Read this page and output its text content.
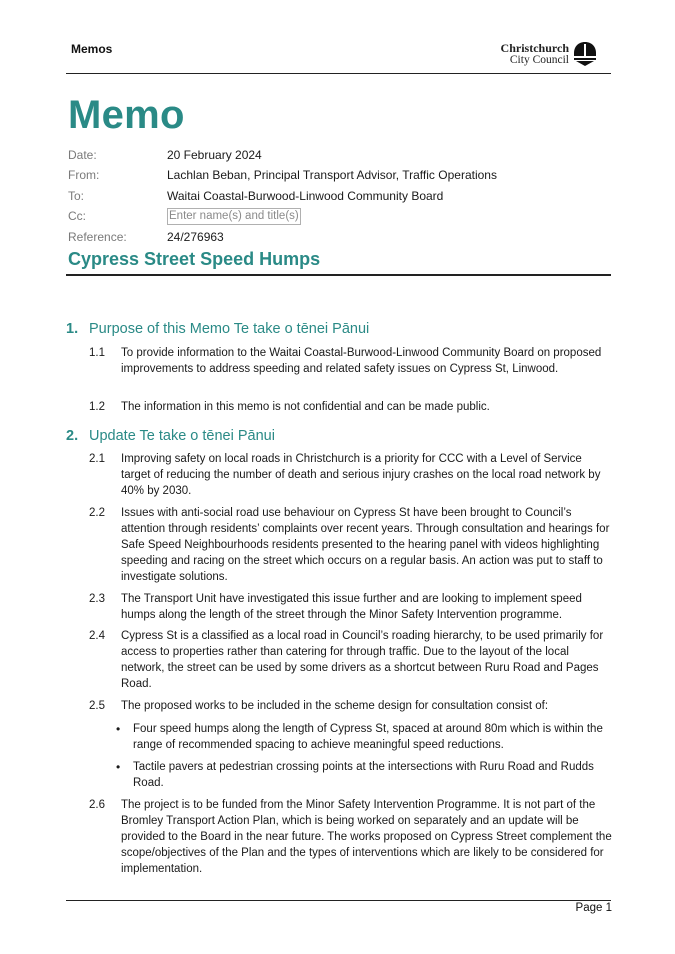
Memos	Christchurch
City Council
Memo
Date:	20 February 2024
From:	Lachlan Beban, Principal Transport Advisor, Traffic Operations
To:	Waitai Coastal-Burwood-Linwood Community Board
Cc:	Enter name(s) and title(s)
Reference:	24/276963
Cypress Street Speed Humps
1. Purpose of this Memo Te take o tēnei Pānui
1.1	To provide information to the Waitai Coastal-Burwood-Linwood Community Board on proposed improvements to address speeding and related safety issues on Cypress St, Linwood.
1.2	The information in this memo is not confidential and can be made public.
2. Update Te take o tēnei Pānui
2.1	Improving safety on local roads in Christchurch is a priority for CCC with a Level of Service target of reducing the number of death and serious injury crashes on the local road network by 40% by 2030.
2.2	Issues with anti-social road use behaviour on Cypress St have been brought to Council’s attention through residents’ complaints over recent years. Through consultation and hearings for Safe Speed Neighbourhoods residents presented to the hearing panel with videos highlighting speeding and racing on the street which occurs on a regular basis. An action was put to staff to investigate solutions.
2.3	The Transport Unit have investigated this issue further and are looking to implement speed humps along the length of the street through the Minor Safety Intervention programme.
2.4	Cypress St is a classified as a local road in Council’s roading hierarchy, to be used primarily for access to properties rather than catering for through traffic. Due to the layout of the local network, the street can be used by some drivers as a shortcut between Ruru Road and Pages Road.
2.5	The proposed works to be included in the scheme design for consultation consist of:
•	Four speed humps along the length of Cypress St, spaced at around 80m which is within the range of recommended spacing to achieve meaningful speed reductions.
•	Tactile pavers at pedestrian crossing points at the intersections with Ruru Road and Rudds Road.
2.6	The project is to be funded from the Minor Safety Intervention Programme. It is not part of the Bromley Transport Action Plan, which is being worked on separately and an update will be provided to the Board in the near future. The works proposed on Cypress Street complement the scope/objectives of the Plan and the types of interventions which are likely to be considered for implementation.
Page 1
